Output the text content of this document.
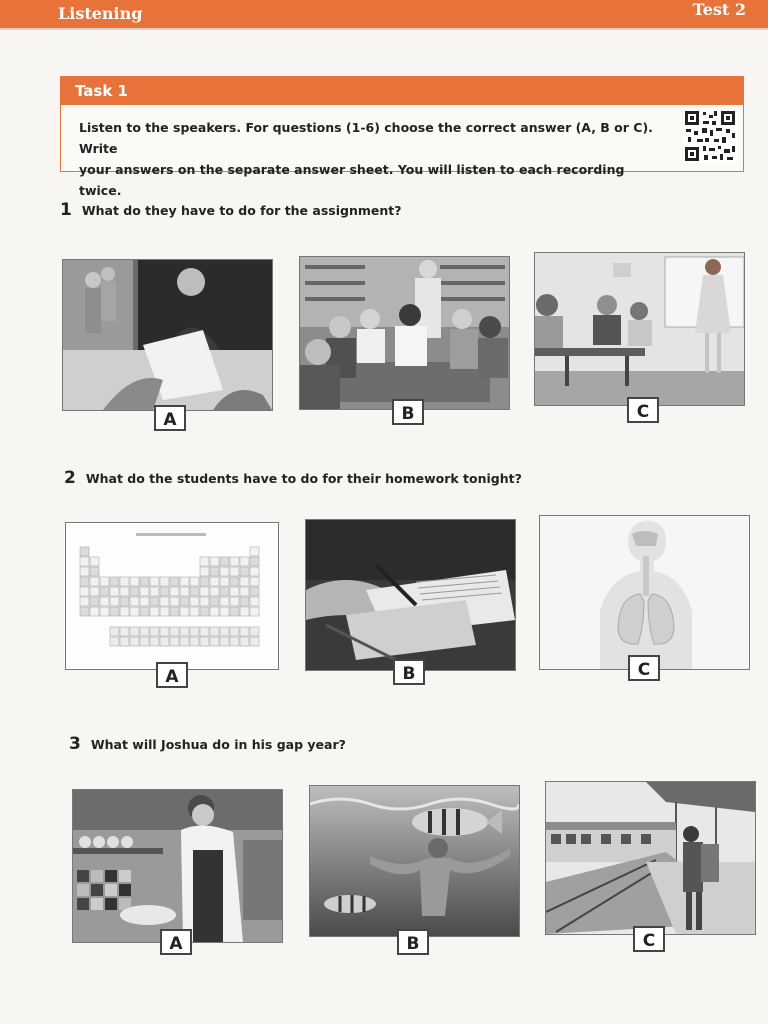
Listening	Test 2
Task 1
Listen to the speakers. For questions (1-6) choose the correct answer (A, B or C). Write
your answers on the separate answer sheet. You will listen to each recording twice.
1 What do they have to do for the assignment?
A	B	C
2 What do the students have to do for their homework tonight?
A	B	C
3 What will Joshua do in his gap year?
A	B	C
